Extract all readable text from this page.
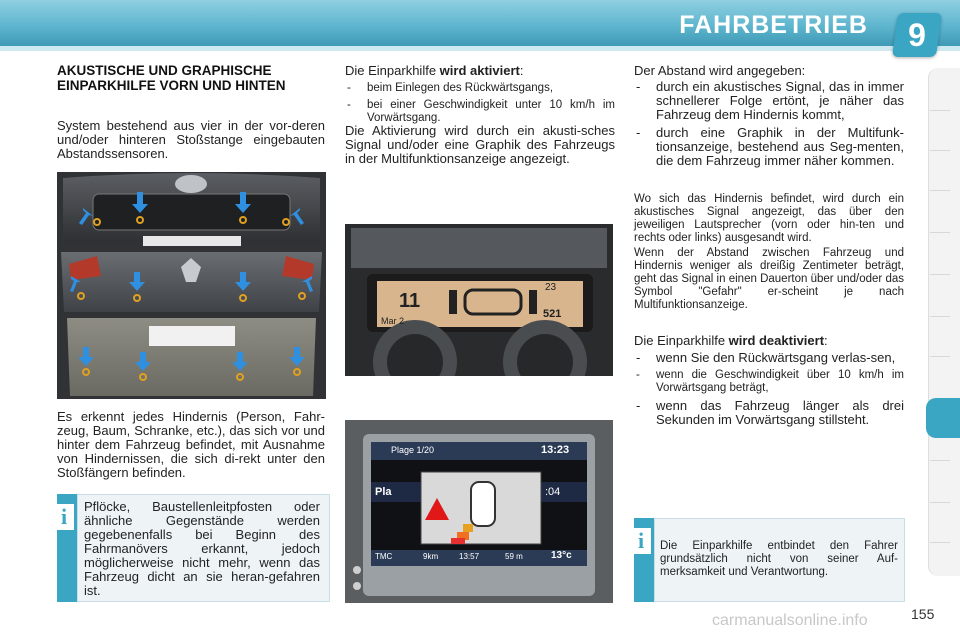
FAHRBETRIEB	9
AKUSTISCHE UND GRAPHISCHE EINPARKHILFE VORN UND HINTEN
System bestehend aus vier in der vor-deren und/oder hinteren Stoßstange eingebauten Abstandssensoren.
Es erkennt jedes Hindernis (Person, Fahr-zeug, Baum, Schranke, etc.), das sich vor und hinter dem Fahrzeug befindet, mit Ausnahme von Hindernissen, die sich di-rekt unter den Stoßfängern befinden.
i	Pflöcke, Baustellenleitpfosten oder ähnliche Gegenstände werden gegebenenfalls bei Beginn des Fahrmanövers erkannt, jedoch möglicherweise nicht mehr, wenn das Fahrzeug dicht an sie heran-gefahren ist.
Die Einparkhilfe wird aktiviert:
- beim Einlegen des Rückwärtsgangs,
- bei einer Geschwindigkeit unter 10 km/h im Vorwärtsgang.
Die Aktivierung wird durch ein akusti-sches Signal und/oder eine Graphik des Fahrzeugs in der Multifunktionsanzeige angezeigt.
11
Mar 2
23
521
Plage 1/20	13:23
Pla	:04
TMC	9km	13:57	59 m	13°c
Der Abstand wird angegeben:
- durch ein akustisches Signal, das in immer schnellerer Folge ertönt, je näher das Fahrzeug dem Hindernis kommt,
- durch eine Graphik in der Multifunk-tionsanzeige, bestehend aus Seg-menten, die dem Fahrzeug immer näher kommen.
Wo sich das Hindernis befindet, wird durch ein akustisches Signal angezeigt, das über den jeweiligen Lautsprecher (vorn oder hin-ten und rechts oder links) ausgesandt wird.
Wenn der Abstand zwischen Fahrzeug und Hindernis weniger als dreißig Zentimeter beträgt, geht das Signal in einen Dauerton über und/oder das Symbol "Gefahr" er-scheint je nach Multifunktionsanzeige.
Die Einparkhilfe wird deaktiviert:
- wenn Sie den Rückwärtsgang verlas-sen,
- wenn die Geschwindigkeit über 10 km/h im Vorwärtsgang beträgt,
- wenn das Fahrzeug länger als drei Sekunden im Vorwärtsgang stillsteht.
i	Die Einparkhilfe entbindet den Fahrer grundsätzlich nicht von seiner Auf-merksamkeit und Verantwortung.
carmanualsonline.info	155
